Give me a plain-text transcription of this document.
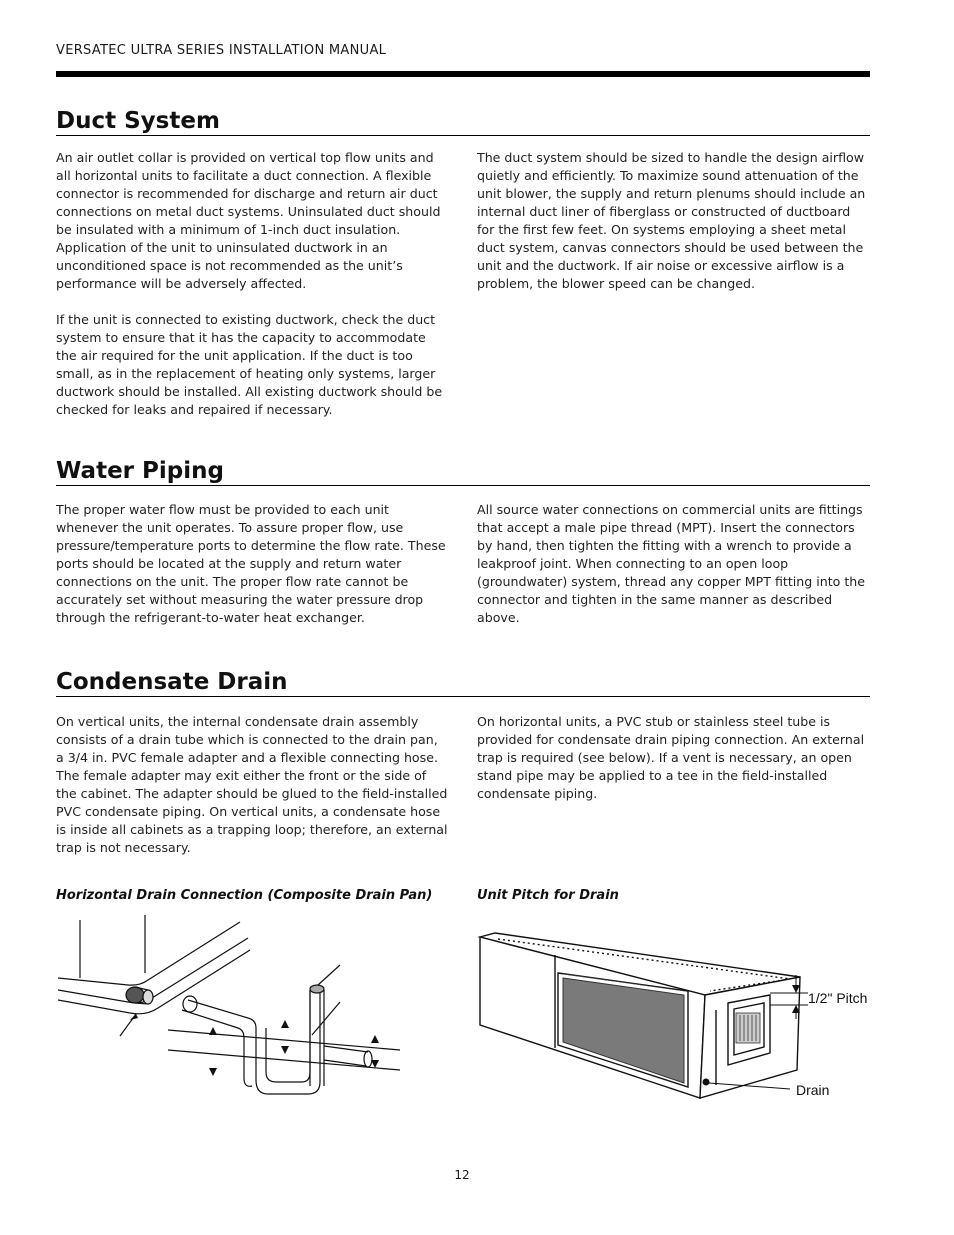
VERSATEC ULTRA SERIES INSTALLATION MANUAL
Duct System

An air outlet collar is provided on vertical top flow units and all horizontal units to facilitate a duct connection. A flexible connector is recommended for discharge and return air duct connections on metal duct systems. Uninsulated duct should be insulated with a minimum of 1-inch duct insulation. Application of the unit to uninsulated ductwork in an unconditioned space is not recommended as the unit’s performance will be adversely affected.

If the unit is connected to existing ductwork, check the duct system to ensure that it has the capacity to accommodate the air required for the unit application. If the duct is too small, as in the replacement of heating only systems, larger ductwork should be installed. All existing ductwork should be checked for leaks and repaired if necessary.

The duct system should be sized to handle the design airflow quietly and efficiently. To maximize sound attenuation of the unit blower, the supply and return plenums should include an internal duct liner of fiberglass or constructed of ductboard for the first few feet. On systems employing a sheet metal duct system, canvas connectors should be used between the unit and the ductwork. If air noise or excessive airflow is a problem, the blower speed can be changed.

Water Piping

The proper water flow must be provided to each unit whenever the unit operates. To assure proper flow, use pressure/temperature ports to determine the flow rate. These ports should be located at the supply and return water connections on the unit. The proper flow rate cannot be accurately set without measuring the water pressure drop through the refrigerant-to-water heat exchanger.

All source water connections on commercial units are fittings that accept a male pipe thread (MPT). Insert the connectors by hand, then tighten the fitting with a wrench to provide a leakproof joint. When connecting to an open loop (groundwater) system, thread any copper MPT fitting into the connector and tighten in the same manner as described above.

Condensate Drain

On vertical units, the internal condensate drain assembly consists of a drain tube which is connected to the drain pan, a 3/4 in. PVC female adapter and a flexible connecting hose. The female adapter may exit either the front or the side of the cabinet. The adapter should be glued to the field-installed PVC condensate piping. On vertical units, a condensate hose is inside all cabinets as a trapping loop; therefore, an external trap is not necessary.

On horizontal units, a PVC stub or stainless steel tube is provided for condensate drain piping connection. An external trap is required (see below). If a vent is necessary, an open stand pipe may be applied to a tee in the field-installed condensate piping.

Horizontal Drain Connection (Composite Drain Pan)	Unit Pitch for Drain
1/2" Pitch
Drain
12
